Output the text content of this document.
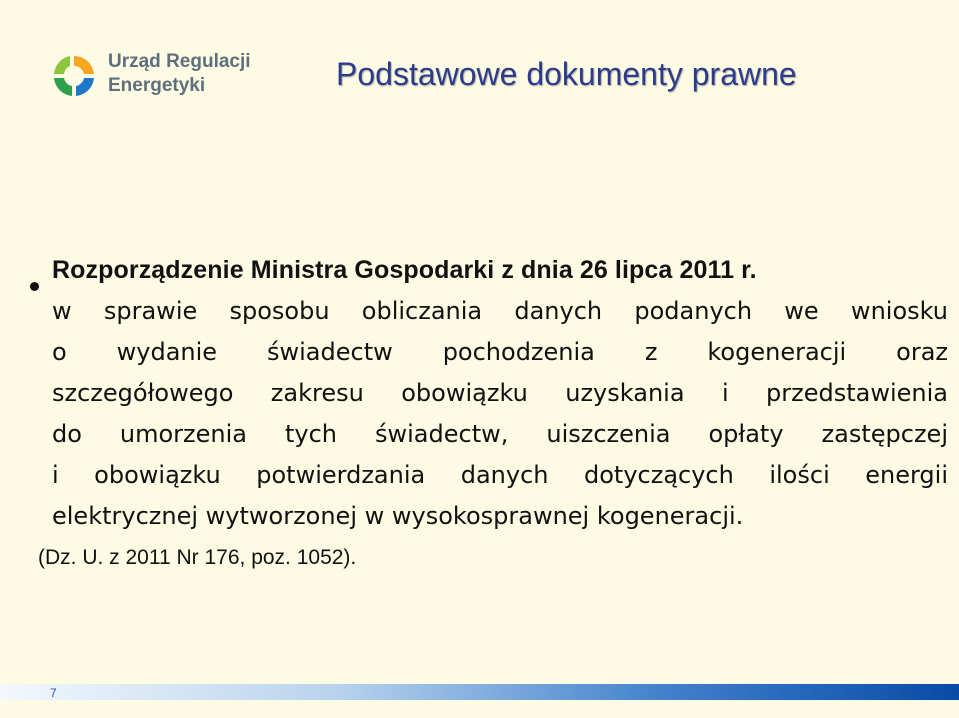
Urząd Regulacji
Energetyki	Podstawowe dokumenty prawne
Rozporządzenie Ministra Gospodarki z dnia 26 lipca 2011 r.
w sprawie sposobu obliczania danych podanych we wniosku
o wydanie świadectw pochodzenia z kogeneracji oraz
szczegółowego zakresu obowiązku uzyskania i przedstawienia
do umorzenia tych świadectw, uiszczenia opłaty zastępczej
i obowiązku potwierdzania danych dotyczących ilości energii
elektrycznej wytworzonej w wysokosprawnej kogeneracji.
(Dz. U. z 2011 Nr 176, poz. 1052).
7
